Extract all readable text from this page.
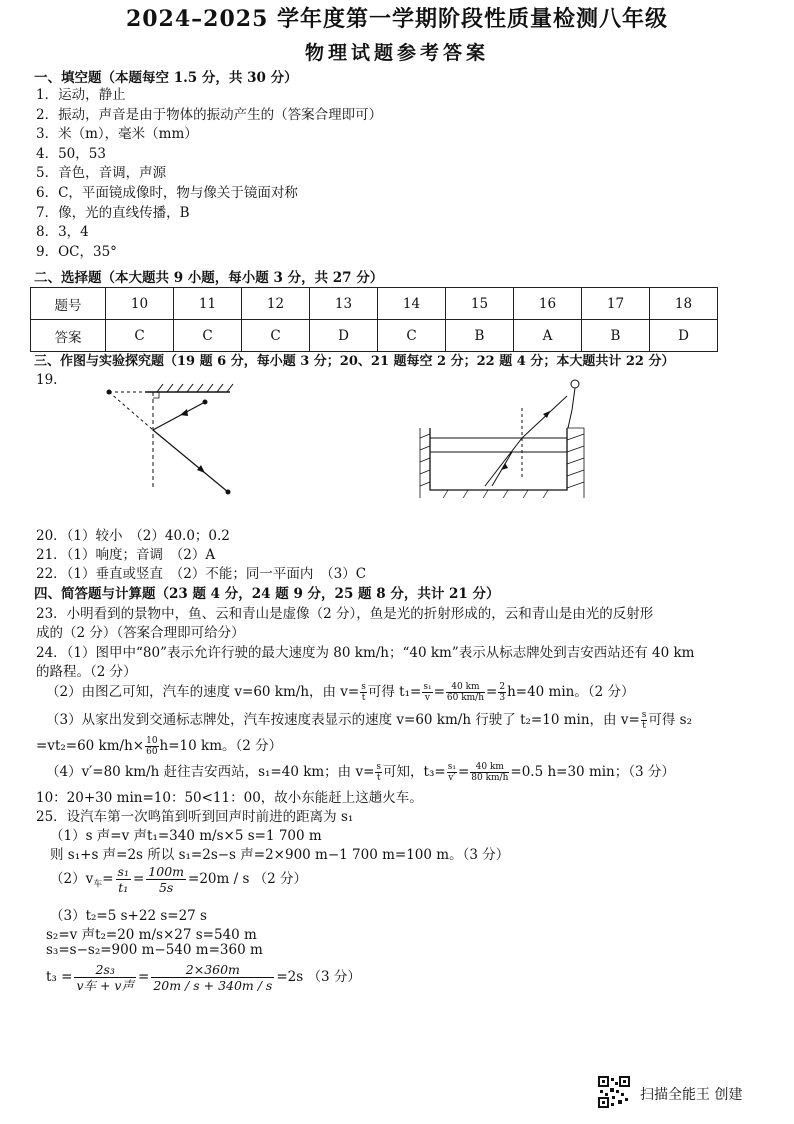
2024–2025 学年度第一学期阶段性质量检测八年级
物理试题参考答案
一、填空题（本题每空 1.5 分，共 30 分）
1．运动，静止
2．振动，声音是由于物体的振动产生的（答案合理即可）
3．米（m），毫米（mm）
4．50，53
5．音色，音调，声源
6．C，平面镜成像时，物与像关于镜面对称
7．像，光的直线传播，B
8．3，4
9．OC，35°
二、选择题（本大题共 9 小题，每小题 3 分，共 27 分）
题号	10	11	12	13	14	15	16	17	18
答案	C	C	C	D	C	B	A	B	D
三、作图与实验探究题（19 题 6 分，每小题 3 分；20、21 题每空 2 分；22 题 4 分；本大题共计 22 分）
19.
20．（1）较小　（2）40.0；0.2
21．（1）响度；音调　（2）A
22．（1）垂直或竖直　（2）不能；同一平面内　（3）C
四、简答题与计算题（23 题 4 分，24 题 9 分，25 题 8 分，共计 21 分）
23．小明看到的景物中，鱼、云和青山是虚像（2 分），鱼是光的折射形成的，云和青山是由光的反射形
成的（2 分）（答案合理即可给分）
24．（1）图甲中“80”表示允许行驶的最大速度为 80 km/h；“40 km”表示从标志牌处到吉安西站还有 40 km
的路程。（2 分）
（2）由图乙可知，汽车的速度 v=60 km/h，由 $v= \frac{s}{t}$ 可得 $t_1= \frac{\text{s₁}}{v} = \frac{40 km}{60 km/h} = \frac{2}{3} h=40$ min。（2 分）
（3）从家出发到交通标志牌处，汽车按速度表显示的速度 v=60 km/h 行驶了 t₂=10 min，由 $v= \frac{s}{t}$ 可得 s₂
=vt₂=60 $km/h\times \frac{10}{60} h=10$ km。（2 分）
（4）v′=80 km/h 赶往吉安西站，s₁=40 km；由 $v= \frac{s}{t}$ 可知，$t_3= \frac{\text{s₁}}{v'} = \frac{40 km}{80 km/h} =0.5$ h=30 min；（3 分）
10：20+30 min=10：50<11：00，故小东能赶上这趟火车。
25．设汽车第一次鸣笛到听到回声时前进的距离为 s₁
（1）s 声=v 声t₁=340 m/s×5 s=1 700 m
则 s₁+s 声=2s 所以 s₁=2s−s 声=2×900 m−1 700 m=100 m。（3 分）
$(2)v_车= \frac{\text{s₁}}{\text{t₁}} = \frac{100m}{5s} =20m / s$ （2 分）
（3）t₂=5 s+22 s=27 s
s₂=v 声t₂=20 m/s×27 s=540 m
s₃=s−s₂=900 m−540 m=360 m
t₃ =	2s₃
v车 + v声
= $\frac{2\times 360m}{20m / s + 340m / s} =2s$ （3 分）
扫描全能王 创建
